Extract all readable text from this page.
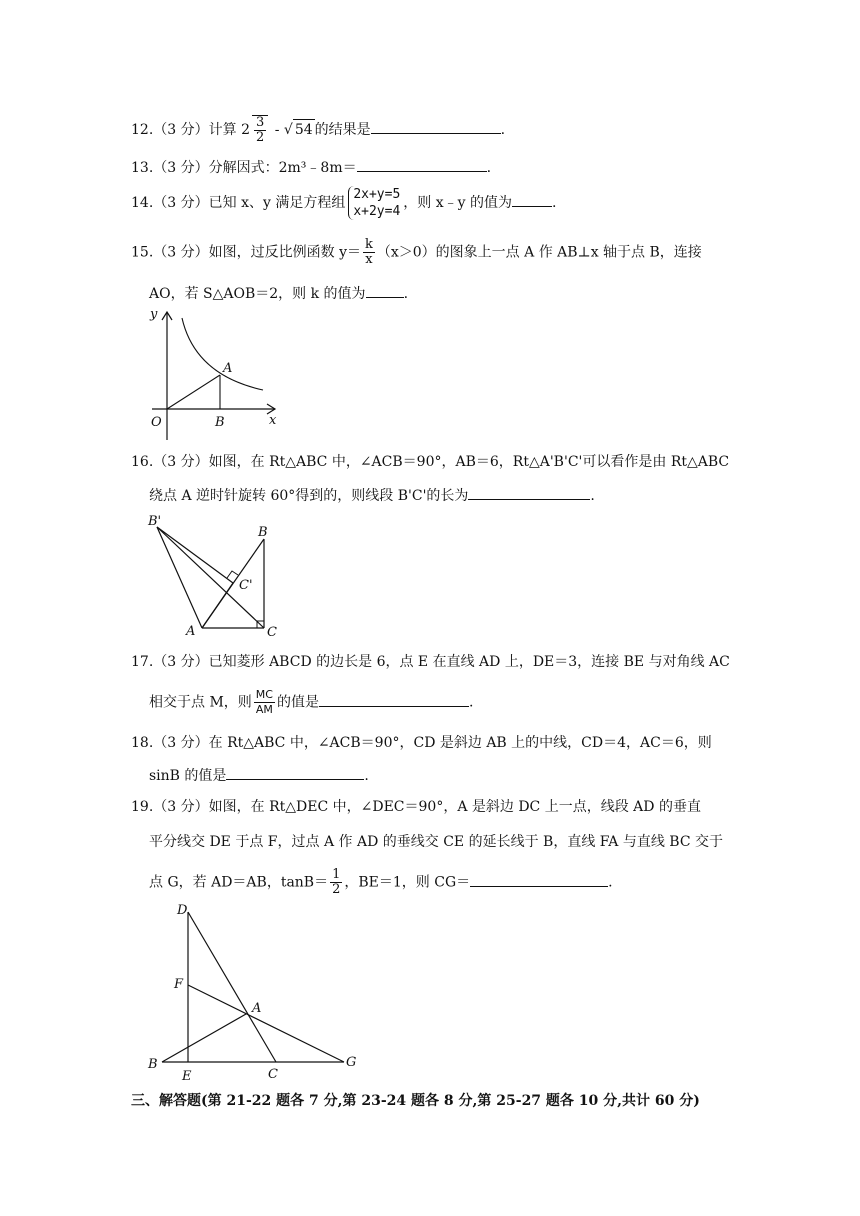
12.（3 分）计算 $2 \frac{3}{2}$ - √ 54 的结果是	.
13.（3 分）分解因式：2m³﹣8m＝	.
14.（3 分）已知 x、y 满足方程组
2x+y=5
x+2y=4
，则 x﹣y 的值为	.
15.（3 分）如图，过反比例函数 $y= \frac{k}{x} (x>0)$的图象上一点 A 作 AB⊥x 轴于点 B，连接
AO，若 S△AOB＝2，则 k 的值为	.
y
x
O
A
B
16.（3 分）如图，在 Rt△ABC 中，∠ACB＝90°，AB＝6，Rt△A'B'C'可以看作是由 Rt△ABC
绕点 A 逆时针旋转 60°得到的，则线段 B'C'的长为	.
B'
B
C'
A	C
17.（3 分）已知菱形 ABCD 的边长是 6，点 E 在直线 AD 上，DE＝3，连接 BE 与对角线 AC
相交于点 M，则 $\frac{MC}{AM}$ 的值是	.
18.（3 分）在 Rt△ABC 中，∠ACB＝90°，CD 是斜边 AB 上的中线，CD＝4，AC＝6，则
sinB 的值是	.
19.（3 分）如图，在 Rt△DEC 中，∠DEC＝90°，A 是斜边 DC 上一点，线段 AD 的垂直
平分线交 DE 于点 F，过点 A 作 AD 的垂线交 CE 的延长线于 B，直线 FA 与直线 BC 交于
点 G，若 AD＝AB，$\tan B= \frac{1}{2}$ ，BE＝1，则 CG＝	.
D
F
A
B
E	C
G
三、解答题(第 21-22 题各 7 分,第 23-24 题各 8 分,第 25-27 题各 10 分,共计 60 分)
